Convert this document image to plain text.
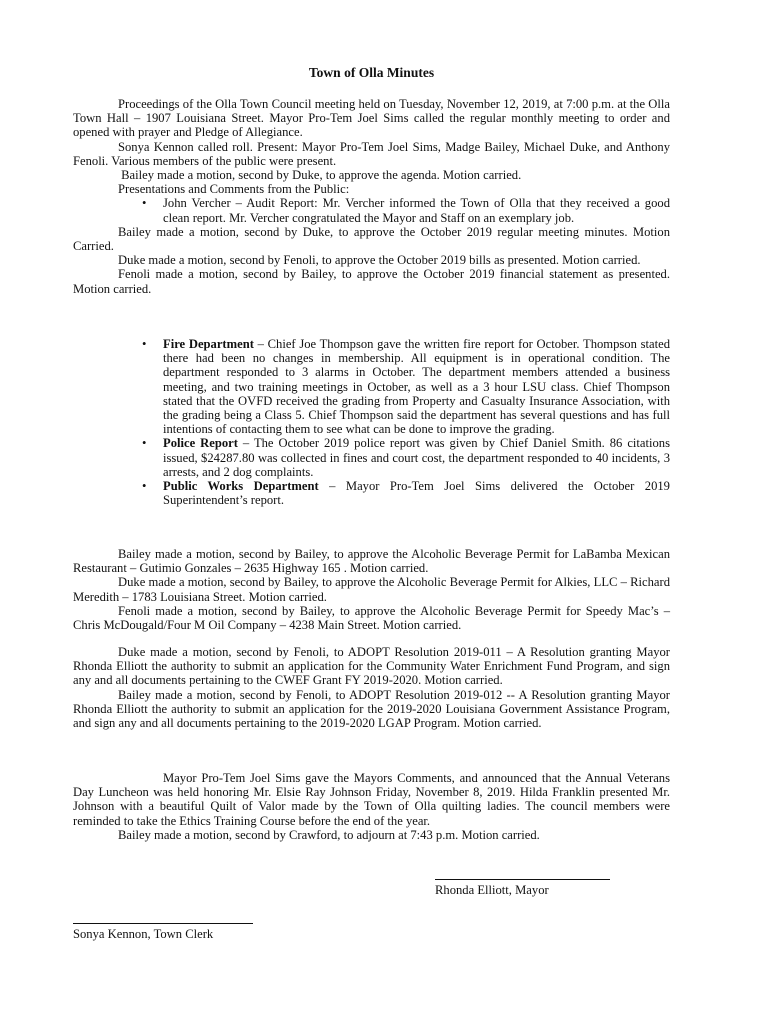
Town of Olla Minutes

Proceedings of the Olla Town Council meeting held on Tuesday, November 12, 2019, at 7:00 p.m. at the Olla Town Hall – 1907 Louisiana Street. Mayor Pro-Tem Joel Sims called the regular monthly meeting to order and opened with prayer and Pledge of Allegiance.

Sonya Kennon called roll. Present: Mayor Pro-Tem Joel Sims, Madge Bailey, Michael Duke, and Anthony Fenoli. Various members of the public were present.

Bailey made a motion, second by Duke, to approve the agenda. Motion carried.

Presentations and Comments from the Public:

• John Vercher – Audit Report: Mr. Vercher informed the Town of Olla that they received a good clean report. Mr. Vercher congratulated the Mayor and Staff on an exemplary job.

Bailey made a motion, second by Duke, to approve the October 2019 regular meeting minutes. Motion Carried.

Duke made a motion, second by Fenoli, to approve the October 2019 bills as presented. Motion carried.

Fenoli made a motion, second by Bailey, to approve the October 2019 financial statement as presented. Motion carried.

• Fire Department – Chief Joe Thompson gave the written fire report for October. Thompson stated there had been no changes in membership. All equipment is in operational condition. The department responded to 3 alarms in October. The department members attended a business meeting, and two training meetings in October, as well as a 3 hour LSU class. Chief Thompson stated that the OVFD received the grading from Property and Casualty Insurance Association, with the grading being a Class 5. Chief Thompson said the department has several questions and has full intentions of contacting them to see what can be done to improve the grading.
• Police Report – The October 2019 police report was given by Chief Daniel Smith. 86 citations issued, $24287.80 was collected in fines and court cost, the department responded to 40 incidents, 3 arrests, and 2 dog complaints.
• Public Works Department – Mayor Pro-Tem Joel Sims delivered the October 2019 Superintendent’s report.

Bailey made a motion, second by Bailey, to approve the Alcoholic Beverage Permit for LaBamba Mexican Restaurant – Gutimio Gonzales – 2635 Highway 165 . Motion carried.

Duke made a motion, second by Bailey, to approve the Alcoholic Beverage Permit for Alkies, LLC – Richard Meredith – 1783 Louisiana Street. Motion carried.

Fenoli made a motion, second by Bailey, to approve the Alcoholic Beverage Permit for Speedy Mac’s – Chris McDougald/Four M Oil Company – 4238 Main Street. Motion carried.

Duke made a motion, second by Fenoli, to ADOPT Resolution 2019-011 – A Resolution granting Mayor Rhonda Elliott the authority to submit an application for the Community Water Enrichment Fund Program, and sign any and all documents pertaining to the CWEF Grant FY 2019-2020. Motion carried.

Bailey made a motion, second by Fenoli, to ADOPT Resolution 2019-012 -- A Resolution granting Mayor Rhonda Elliott the authority to submit an application for the 2019-2020 Louisiana Government Assistance Program, and sign any and all documents pertaining to the 2019-2020 LGAP Program. Motion carried.

Mayor Pro-Tem Joel Sims gave the Mayors Comments, and announced that the Annual Veterans Day Luncheon was held honoring Mr. Elsie Ray Johnson Friday, November 8, 2019. Hilda Franklin presented Mr. Johnson with a beautiful Quilt of Valor made by the Town of Olla quilting ladies. The council members were reminded to take the Ethics Training Course before the end of the year.

Bailey made a motion, second by Crawford, to adjourn at 7:43 p.m. Motion carried.

Rhonda Elliott, Mayor
Sonya Kennon, Town Clerk
